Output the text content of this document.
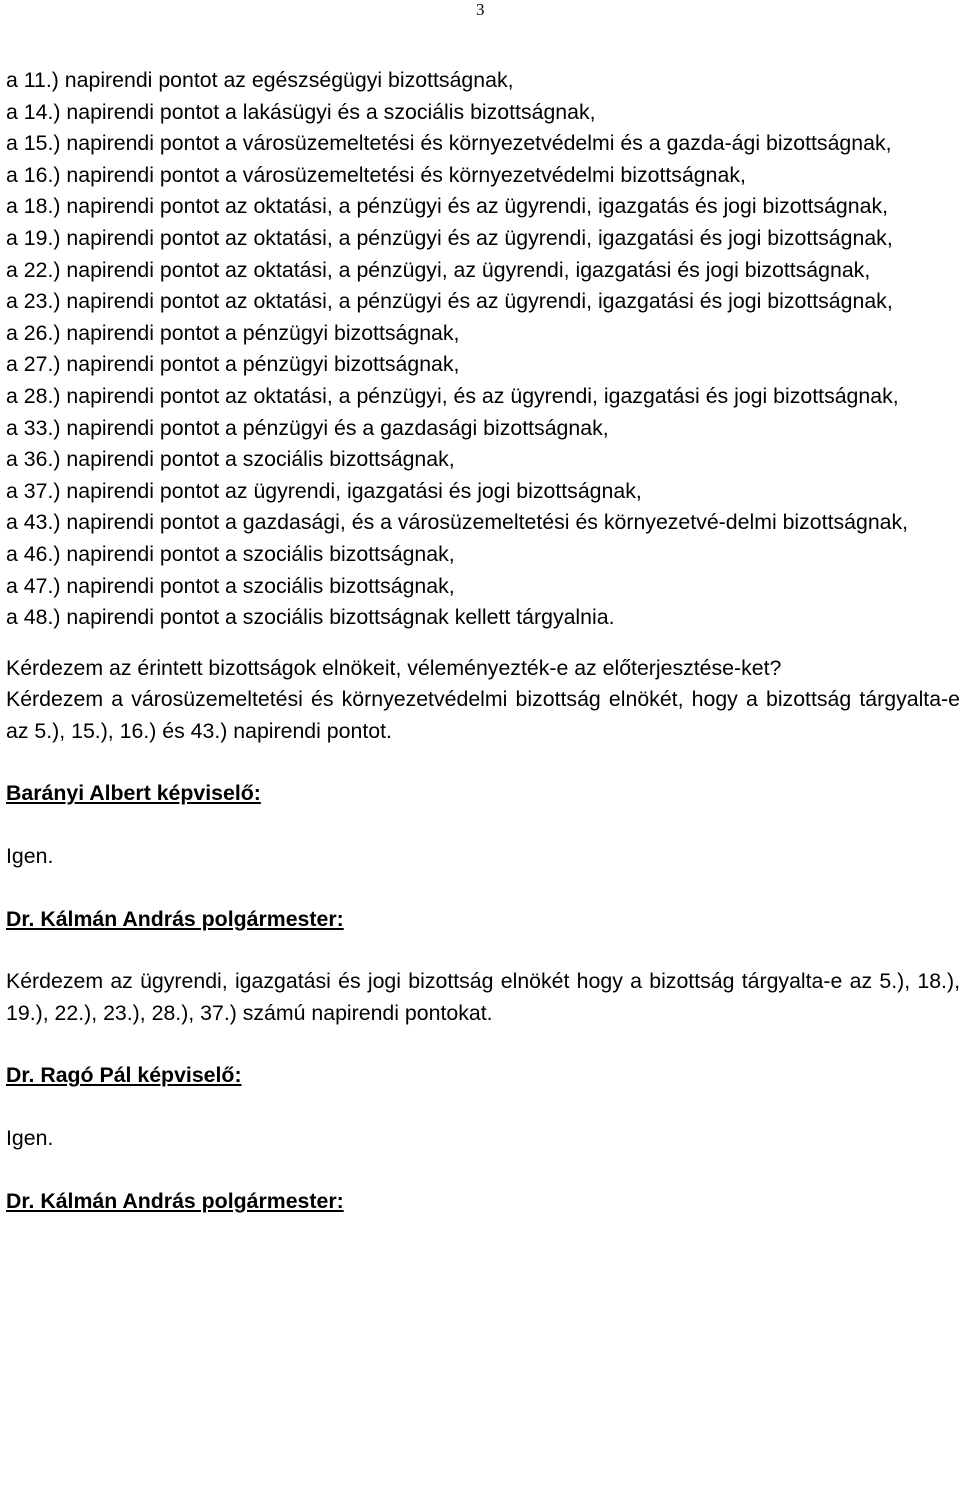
3
a 11.) napirendi pontot az egészségügyi bizottságnak,
a 14.) napirendi pontot a lakásügyi és a szociális bizottságnak,
a 15.) napirendi pontot a városüzemeltetési és környezetvédelmi és a gazda-ági bizottságnak,
a 16.) napirendi pontot a városüzemeltetési és környezetvédelmi bizottságnak,
a 18.) napirendi pontot az oktatási, a pénzügyi és az ügyrendi, igazgatás és jogi bizottságnak,
a 19.) napirendi pontot az oktatási, a pénzügyi és az ügyrendi, igazgatási és jogi bizottságnak,
a 22.) napirendi pontot az oktatási, a pénzügyi, az ügyrendi, igazgatási és jogi bizottságnak,
a 23.) napirendi pontot az oktatási, a pénzügyi és az ügyrendi, igazgatási és jogi bizottságnak,
a 26.) napirendi pontot a pénzügyi bizottságnak,
a 27.) napirendi pontot a pénzügyi bizottságnak,
a 28.) napirendi pontot az oktatási, a pénzügyi, és az ügyrendi, igazgatási és jogi bizottságnak,
a 33.) napirendi pontot a pénzügyi és a gazdasági bizottságnak,
a 36.) napirendi pontot a szociális bizottságnak,
a 37.) napirendi pontot az ügyrendi, igazgatási és jogi bizottságnak,
a 43.) napirendi pontot a gazdasági, és a városüzemeltetési és környezetvé-delmi bizottságnak,
a 46.) napirendi pontot a szociális bizottságnak,
a 47.) napirendi pontot a szociális bizottságnak,
a 48.) napirendi pontot a szociális bizottságnak kellett tárgyalnia.
Kérdezem az érintett bizottságok elnökeit, véleményezték-e az előterjesztése-ket?
Kérdezem a városüzemeltetési és környezetvédelmi bizottság elnökét, hogy a bizottság tárgyalta-e az 5.), 15.), 16.) és 43.) napirendi pontot.
Barányi Albert képviselő:
Igen.
Dr. Kálmán András polgármester:
Kérdezem az ügyrendi, igazgatási és jogi bizottság elnökét hogy a bizottság tárgyalta-e az 5.), 18.), 19.), 22.), 23.), 28.), 37.) számú napirendi pontokat.
Dr. Ragó Pál képviselő:
Igen.
Dr. Kálmán András polgármester:
